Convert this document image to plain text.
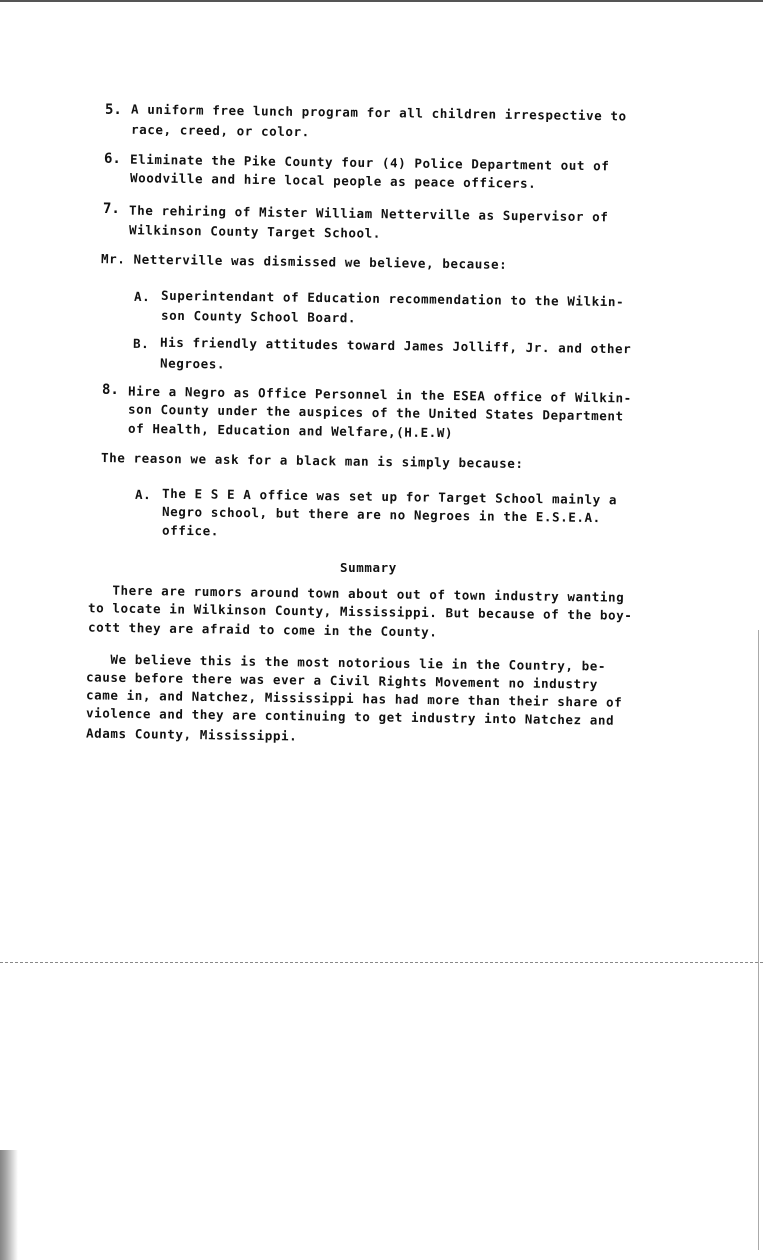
5. A uniform free lunch program for all children irrespective to
race, creed, or color.
6. Eliminate the Pike County four (4) Police Department out of
Woodville and hire local people as peace officers.
7. The rehiring of Mister William Netterville as Supervisor of
Wilkinson County Target School.
Mr. Netterville was dismissed we believe, because:
A. Superintendant of Education recommendation to the Wilkin-
son County School Board.
B. His friendly attitudes toward James Jolliff, Jr. and other
Negroes.
8. Hire a Negro as Office Personnel in the ESEA office of Wilkin-
son County under the auspices of the United States Department
of Health, Education and Welfare,(H.E.W)
The reason we ask for a black man is simply because:
A. The E S E A office was set up for Target School mainly a
Negro school, but there are no Negroes in the E.S.E.A.
office.
Summary
There are rumors around town about out of town industry wanting
to locate in Wilkinson County, Mississippi. But because of the boy-
cott they are afraid to come in the County.
We believe this is the most notorious lie in the Country, be-
cause before there was ever a Civil Rights Movement no industry
came in, and Natchez, Mississippi has had more than their share of
violence and they are continuing to get industry into Natchez and
Adams County, Mississippi.
